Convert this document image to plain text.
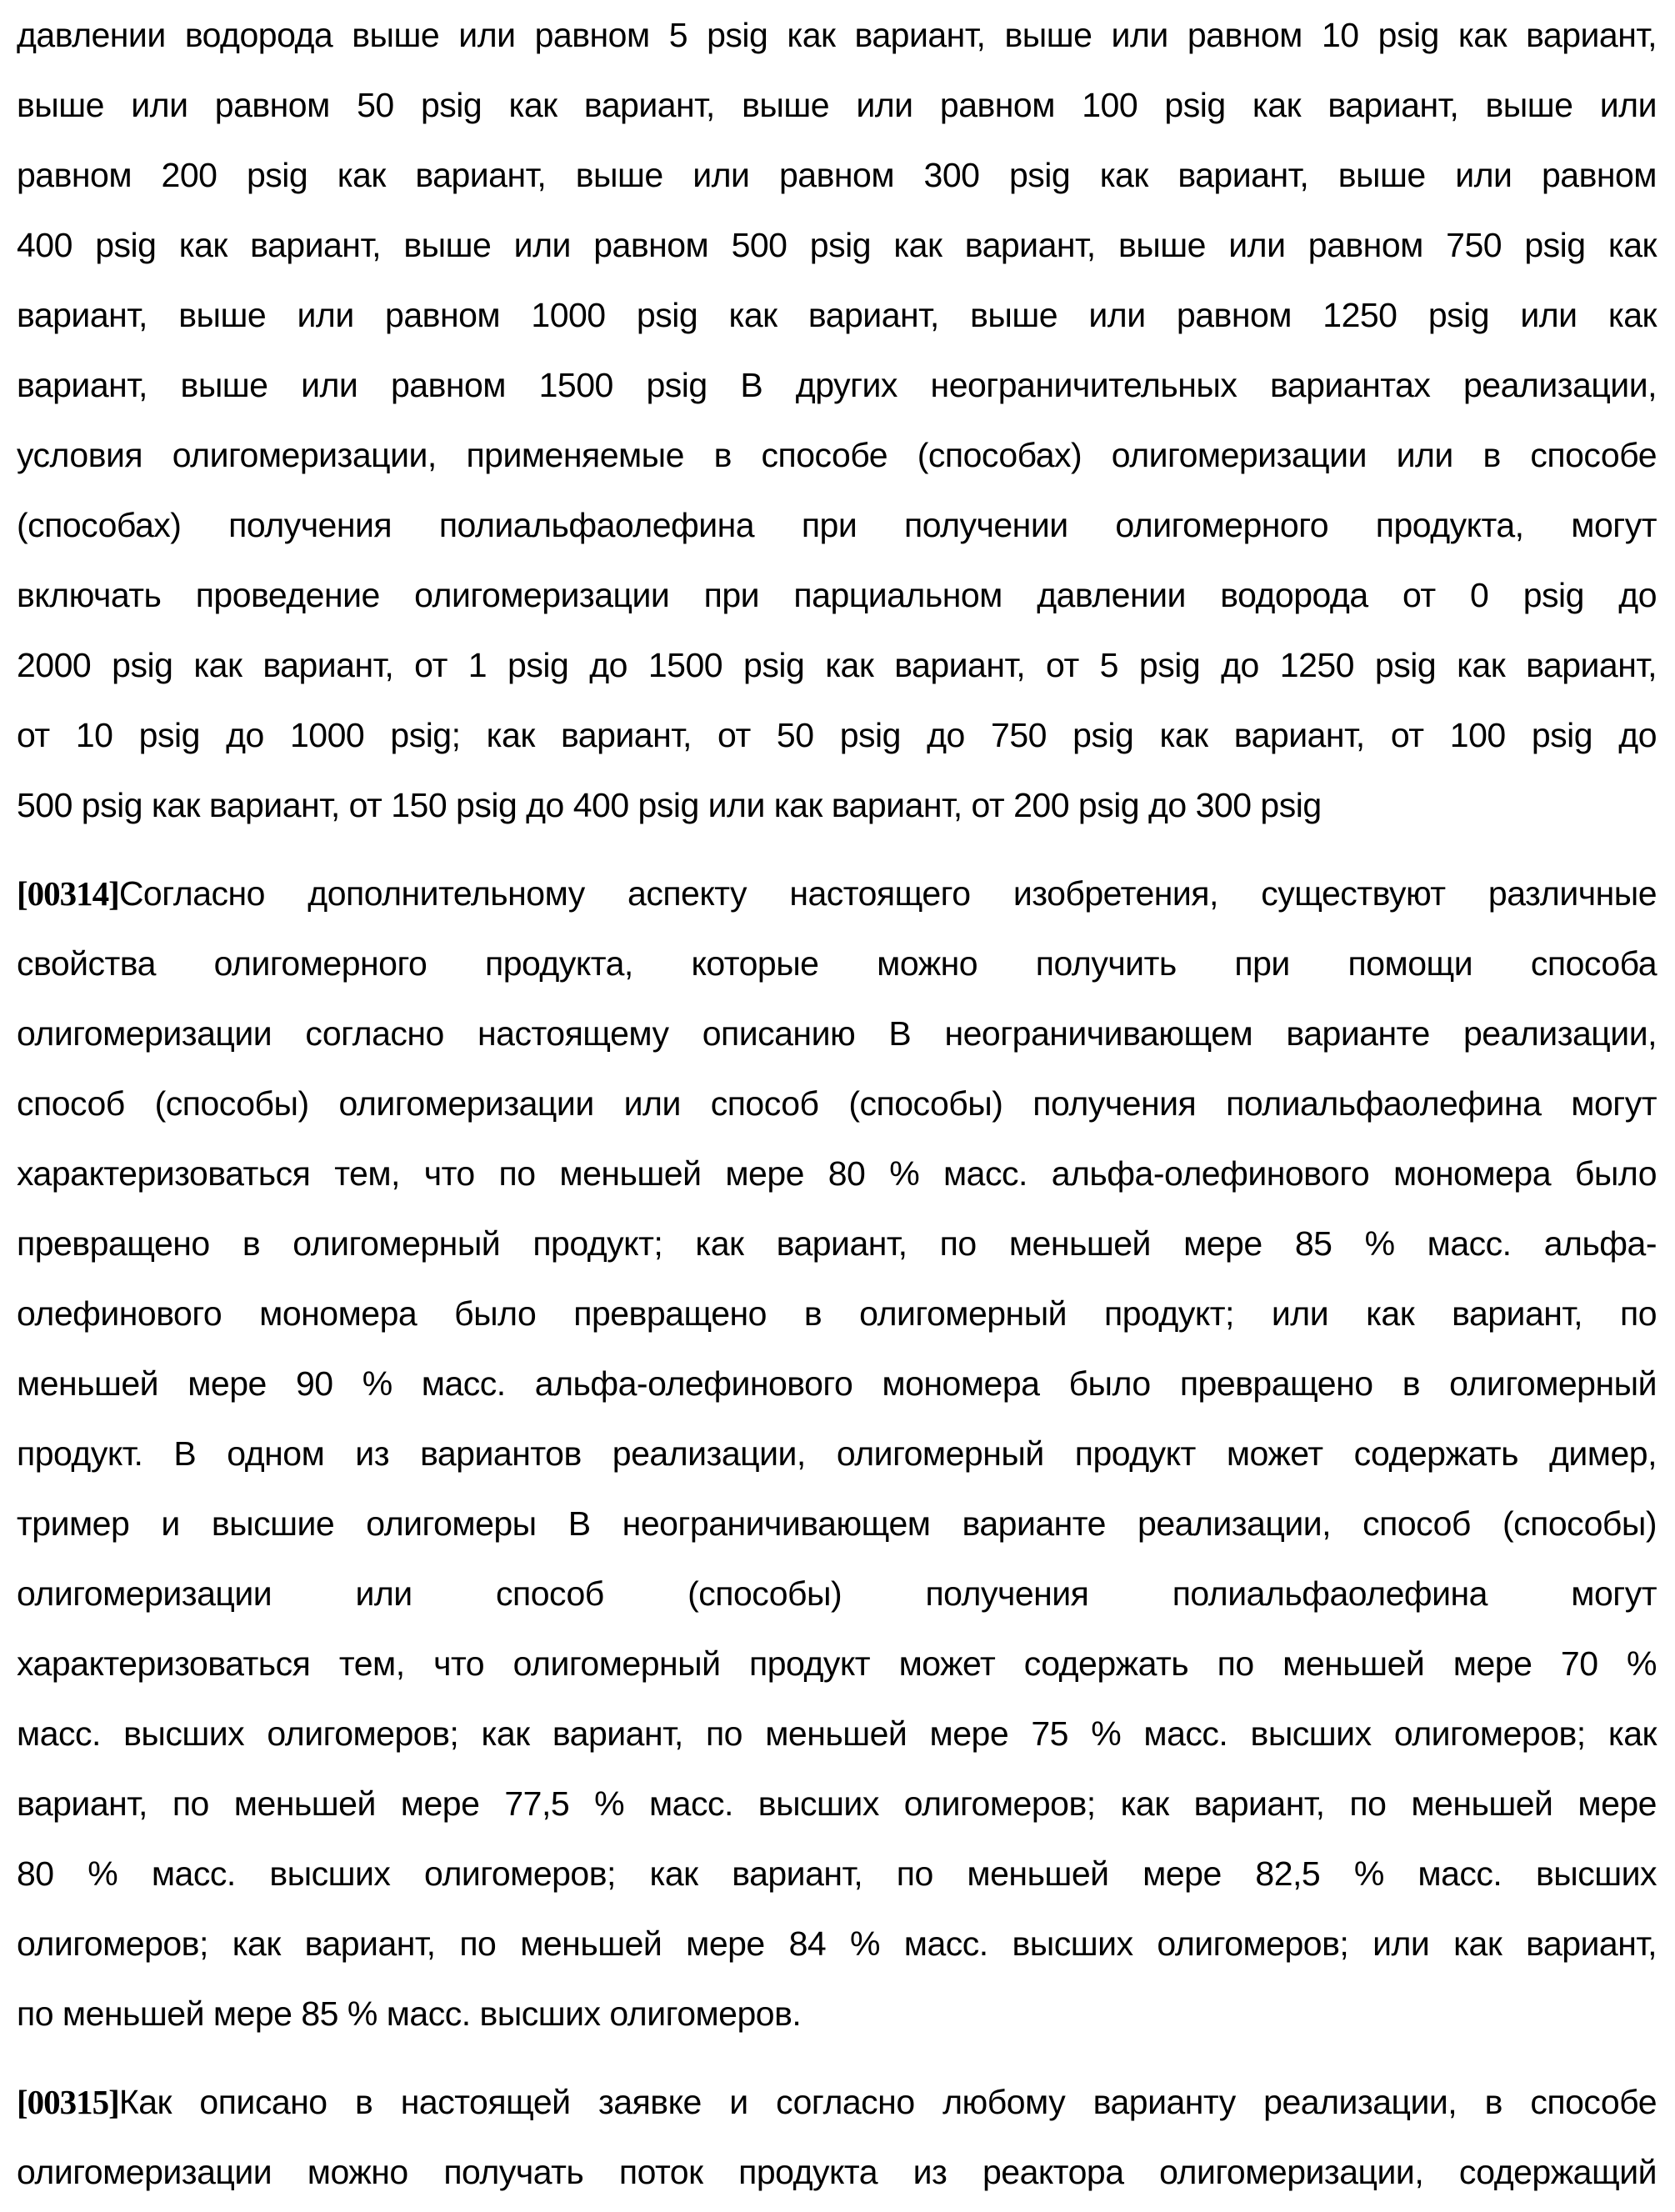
давлении водорода выше или равном 5 psig как вариант, выше или равном 10 psig как вариант,
выше или равном 50 psig как вариант, выше или равном 100 psig как вариант, выше или
равном 200 psig как вариант, выше или равном 300 psig как вариант, выше или равном
400 psig как вариант, выше или равном 500 psig как вариант, выше или равном 750 psig как
вариант, выше или равном 1000 psig как вариант, выше или равном 1250 psig или как
вариант, выше или равном 1500 psig В других неограничительных вариантах реализации,
условия олигомеризации, применяемые в способе (способах) олигомеризации или в способе
(способах) получения полиальфаолефина при получении олигомерного продукта, могут
включать проведение олигомеризации при парциальном давлении водорода от 0 psig до
2000 psig как вариант, от 1 psig до 1500 psig как вариант, от 5 psig до 1250 psig как вариант,
от 10 psig до 1000 psig; как вариант, от 50 psig до 750 psig как вариант, от 100 psig до
500 psig как вариант, от 150 psig до 400 psig или как вариант, от 200 psig до 300 psig
[00314]Согласно дополнительному аспекту настоящего изобретения, существуют различные
свойства олигомерного продукта, которые можно получить при помощи способа
олигомеризации согласно настоящему описанию В неограничивающем варианте реализации,
способ (способы) олигомеризации или способ (способы) получения полиальфаолефина могут
характеризоваться тем, что по меньшей мере 80 % масс. альфа-олефинового мономера было
превращено в олигомерный продукт; как вариант, по меньшей мере 85 % масс. альфа-
олефинового мономера было превращено в олигомерный продукт; или как вариант, по
меньшей мере 90 % масс. альфа-олефинового мономера было превращено в олигомерный
продукт. В одном из вариантов реализации, олигомерный продукт может содержать димер,
тример и высшие олигомеры В неограничивающем варианте реализации, способ (способы)
олигомеризации или способ (способы) получения полиальфаолефина могут
характеризоваться тем, что олигомерный продукт может содержать по меньшей мере 70 %
масс. высших олигомеров; как вариант, по меньшей мере 75 % масс. высших олигомеров; как
вариант, по меньшей мере 77,5 % масс. высших олигомеров; как вариант, по меньшей мере
80 % масс. высших олигомеров; как вариант, по меньшей мере 82,5 % масс. высших
олигомеров; как вариант, по меньшей мере 84 % масс. высших олигомеров; или как вариант,
по меньшей мере 85 % масс. высших олигомеров.
[00315]Как описано в настоящей заявке и согласно любому варианту реализации, в способе
олигомеризации можно получать поток продукта из реактора олигомеризации, содержащий
